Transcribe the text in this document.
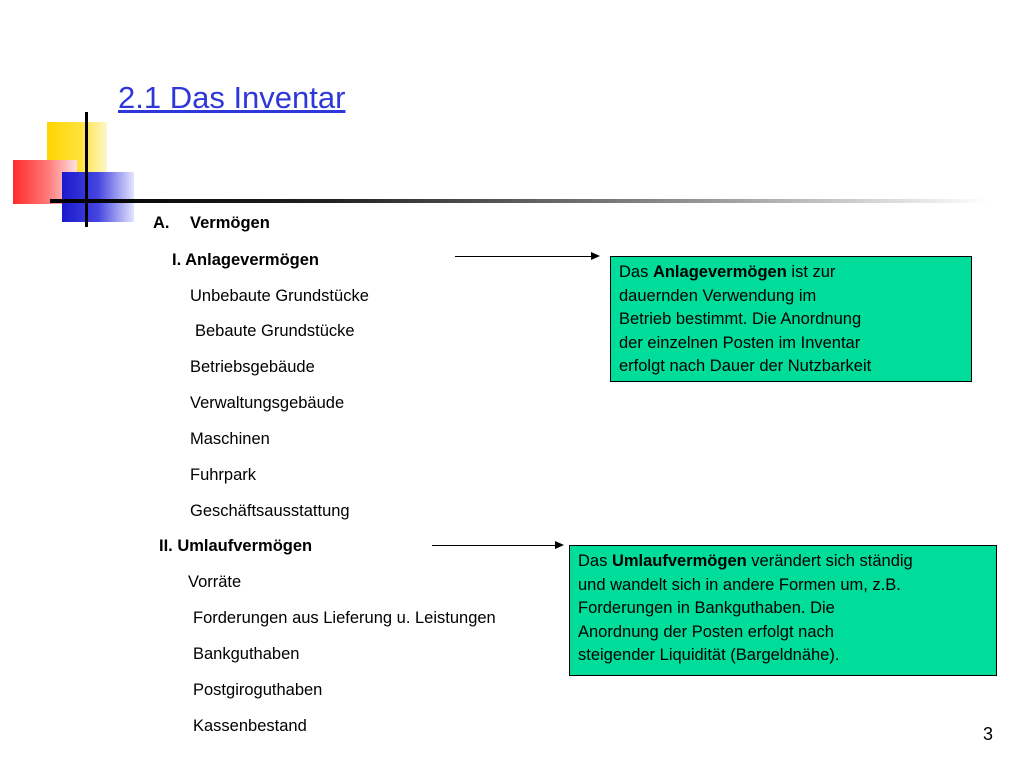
2.1 Das Inventar
A. Vermögen
I. Anlagevermögen
Unbebaute Grundstücke
Bebaute Grundstücke
Betriebsgebäude
Verwaltungsgebäude
Maschinen
Fuhrpark
Geschäftsausstattung
II. Umlaufvermögen
Vorräte
Forderungen aus Lieferung u. Leistungen
Bankguthaben
Postgiroguthaben
Kassenbestand
Das Anlagevermögen ist zur
dauernden Verwendung im
Betrieb bestimmt. Die Anordnung
der einzelnen Posten im Inventar
erfolgt nach Dauer der Nutzbarkeit
Das Umlaufvermögen verändert sich ständig
und wandelt sich in andere Formen um, z.B.
Forderungen in Bankguthaben. Die
Anordnung der Posten erfolgt nach
steigender Liquidität (Bargeldnähe).
3
